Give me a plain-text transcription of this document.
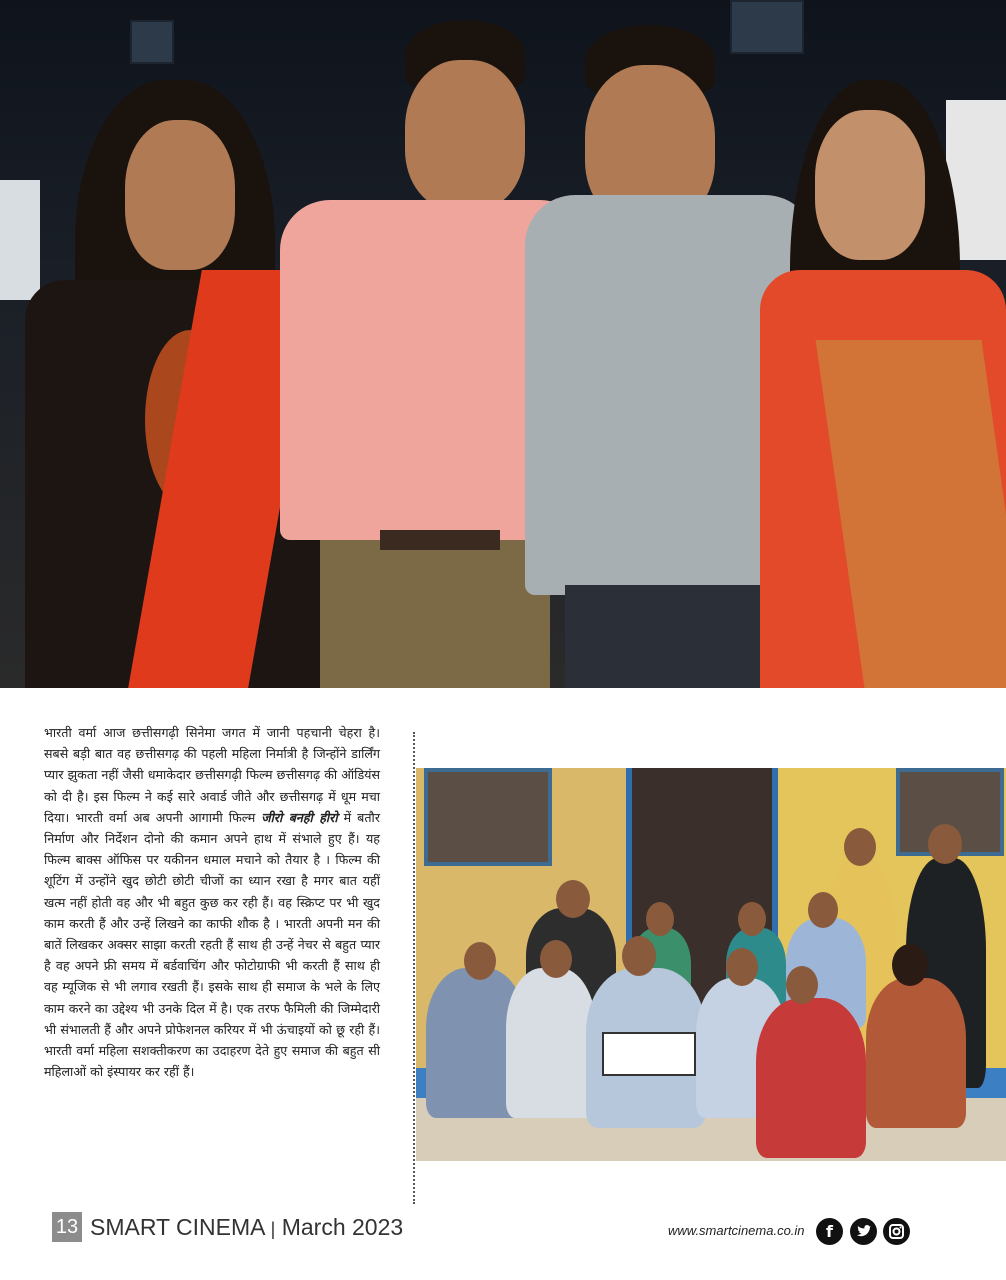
भारती वर्मा आज छत्तीसगढ़ी सिनेमा जगत में जानी पहचानी चेहरा है। सबसे बड़ी बात वह छत्तीसगढ़ की पहली महिला निर्मात्री है जिन्होंने डार्लिंग प्यार झुकता नहीं जैसी धमाकेदार छत्तीसगढ़ी फिल्म छत्तीसगढ़ की ऑडियंस को दी है। इस फिल्म ने कई सारे अवार्ड जीते और छत्तीसगढ़ में धूम मचा दिया। भारती वर्मा अब अपनी आगामी फिल्म जीरो बनही हीरो में बतौर निर्माण और निर्देशन दोनो की कमान अपने हाथ में संभाले हुए हैं। यह फिल्म बाक्स ऑफिस पर यकीनन धमाल मचाने को तैयार है । फिल्म की शूटिंग में उन्होंने खुद छोटी छोटी चीजों का ध्यान रखा है मगर बात यहीं खत्म नहीं होती वह और भी बहुत कुछ कर रही हैं। वह स्क्रिप्ट पर भी खुद काम करती हैं और उन्हें लिखने का काफी शौक है । भारती अपनी मन की बातें लिखकर अक्सर साझा करती रहती हैं साथ ही उन्हें नेचर से बहुत प्यार है वह अपने फ्री समय में बर्डवाचिंग और फोटोग्राफी भी करती हैं साथ ही वह म्यूजिक से भी लगाव रखती हैं। इसके साथ ही समाज के भले के लिए काम करने का उद्देश्य भी उनके दिल में है। एक तरफ फैमिली की जिम्मेदारी भी संभालती हैं और अपने प्रोफेशनल करियर में भी ऊंचाइयों को छू रही हैं। भारती वर्मा महिला सशक्तीकरण का उदाहरण देते हुए समाज की बहुत सी महिलाओं को इंस्पायर कर रहीं हैं।
13 SMART CINEMA | March 2023	www.smartcinema.co.in	f
